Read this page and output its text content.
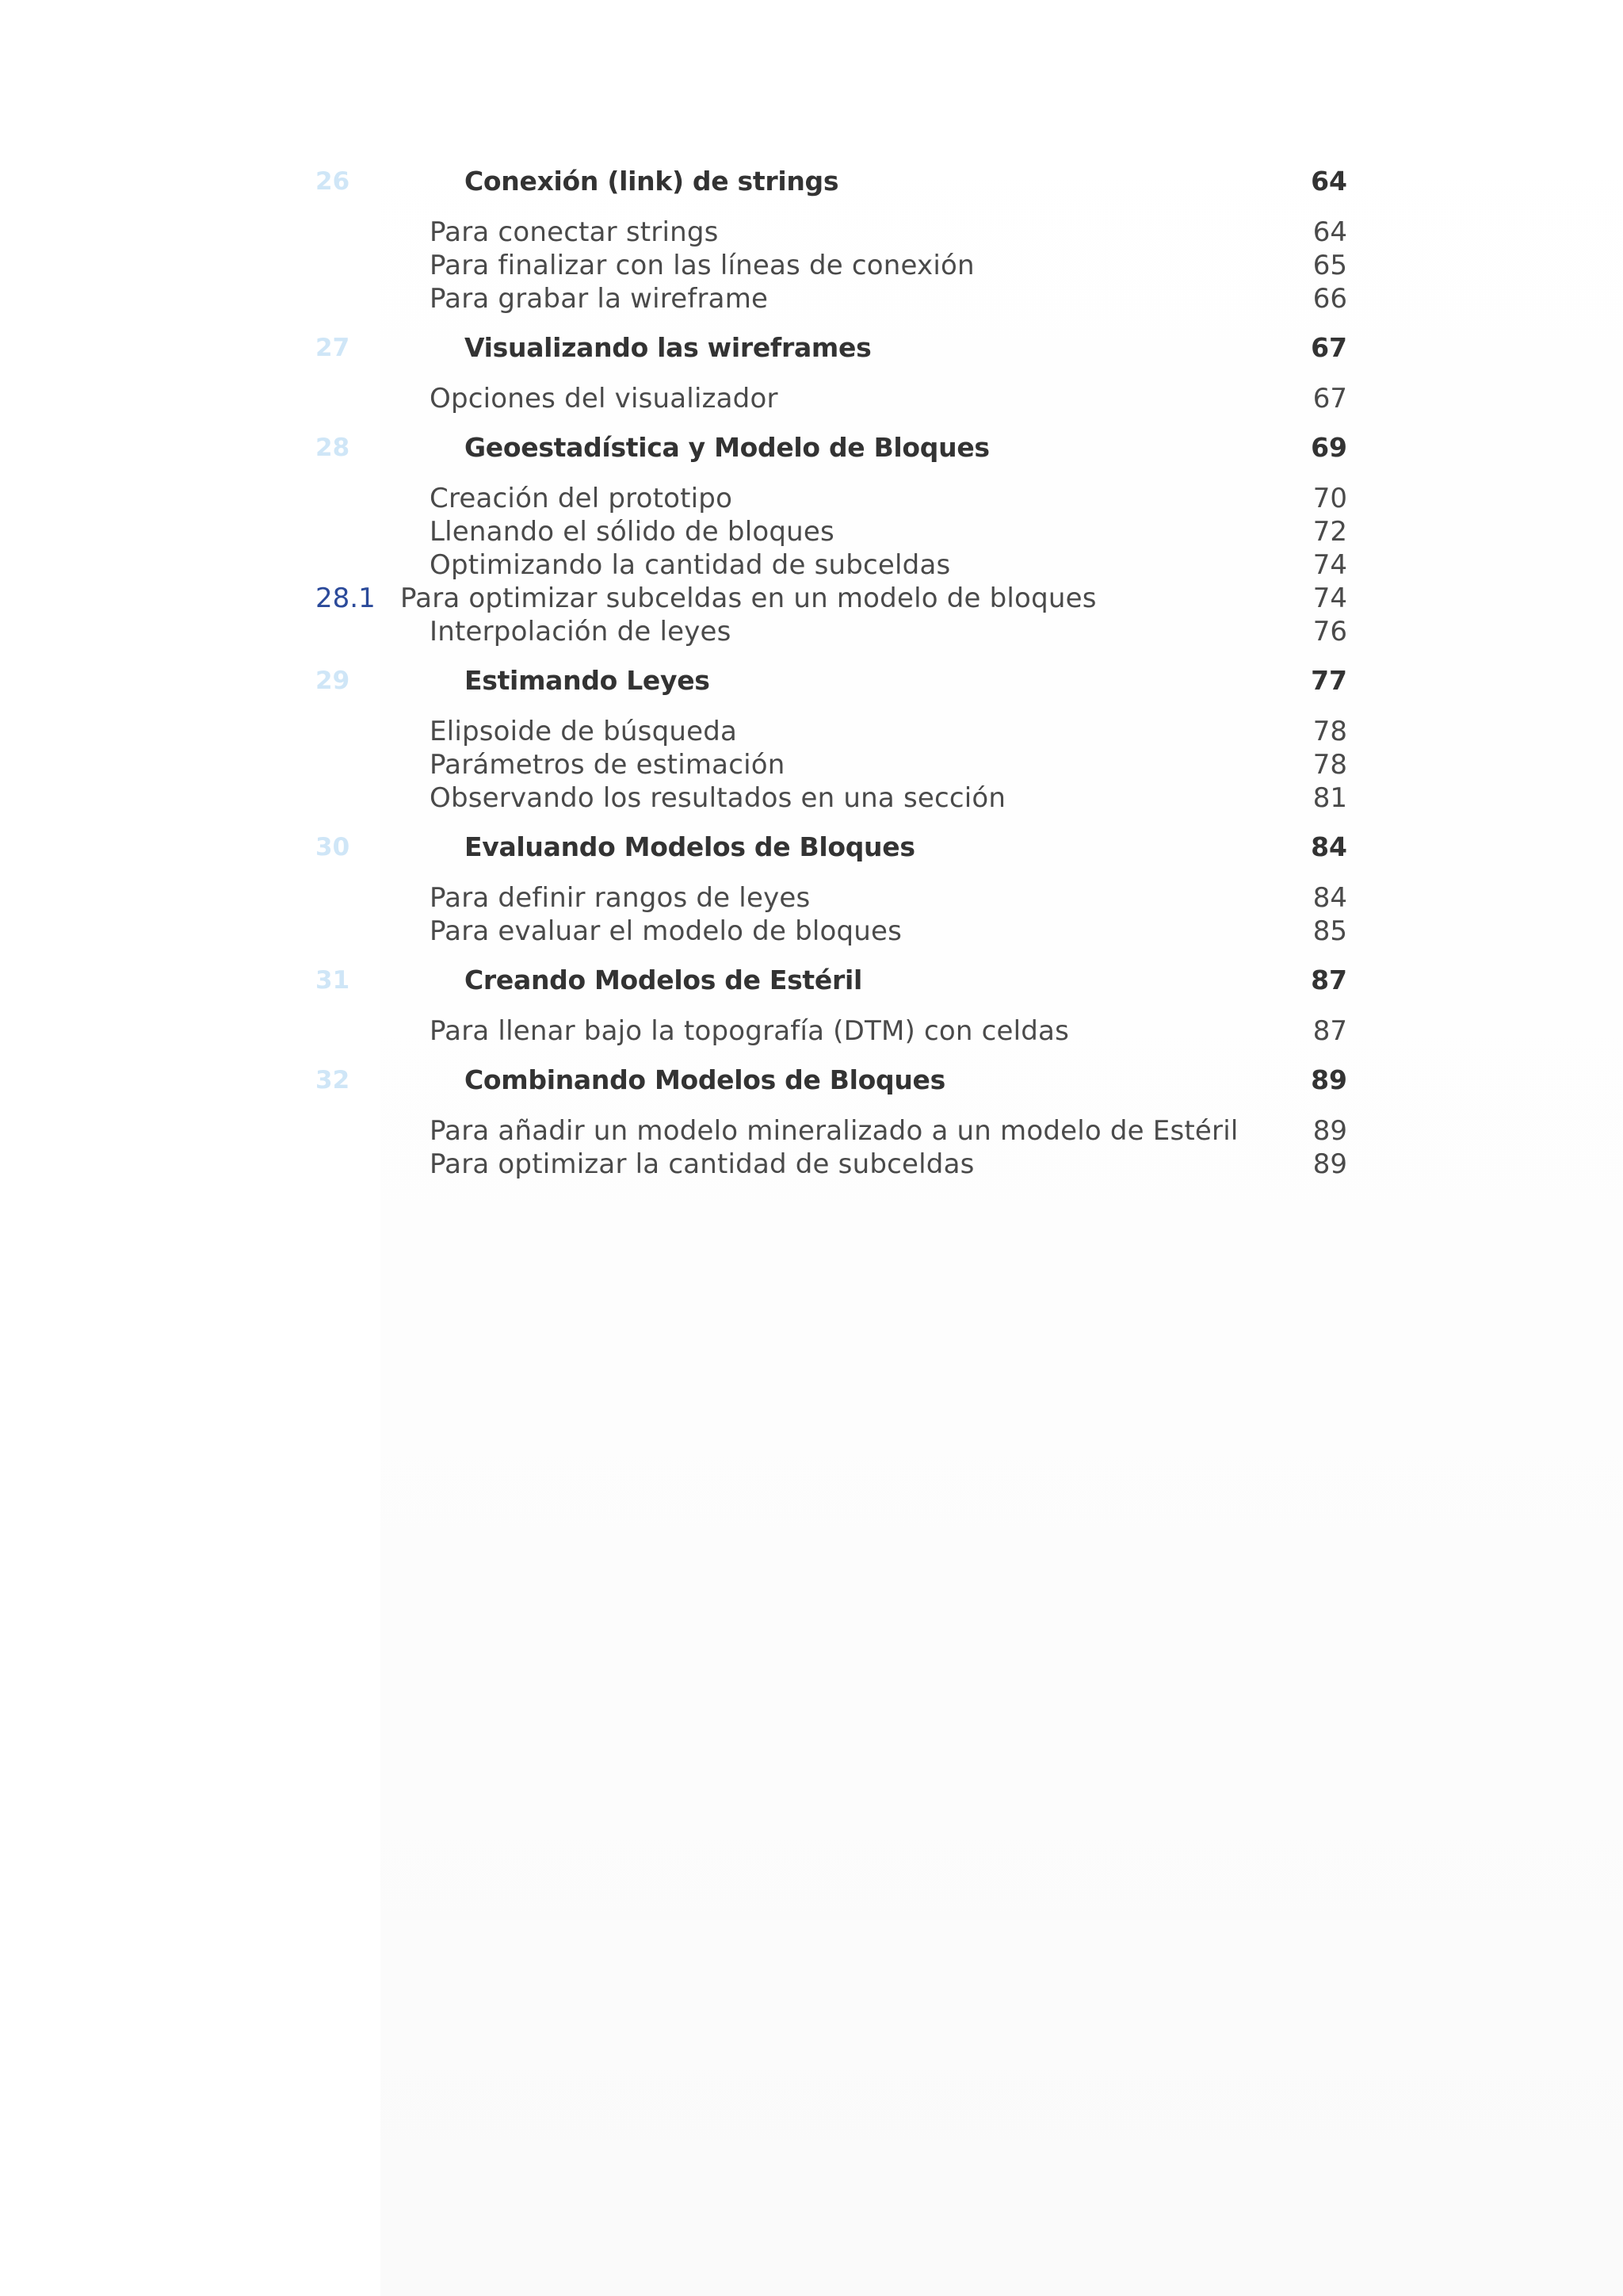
26	Conexión (link) de strings	64
Para conectar strings	64
Para finalizar con las líneas de conexión	65
Para grabar la wireframe	66
27	Visualizando las wireframes	67
Opciones del visualizador	67
28	Geoestadística y Modelo de Bloques	69
Creación del prototipo	70
Llenando el sólido de bloques	72
Optimizando la cantidad de subceldas	74
28.1 Para optimizar subceldas en un modelo de bloques	74
Interpolación de leyes	76
29	Estimando Leyes	77
Elipsoide de búsqueda	78
Parámetros de estimación	78
Observando los resultados en una sección	81
30	Evaluando Modelos de Bloques	84
Para definir rangos de leyes	84
Para evaluar el modelo de bloques	85
31	Creando Modelos de Estéril	87
Para llenar bajo la topografía (DTM) con celdas	87
32	Combinando Modelos de Bloques	89
Para añadir un modelo mineralizado a un modelo de Estéril	89
Para optimizar la cantidad de subceldas	89
